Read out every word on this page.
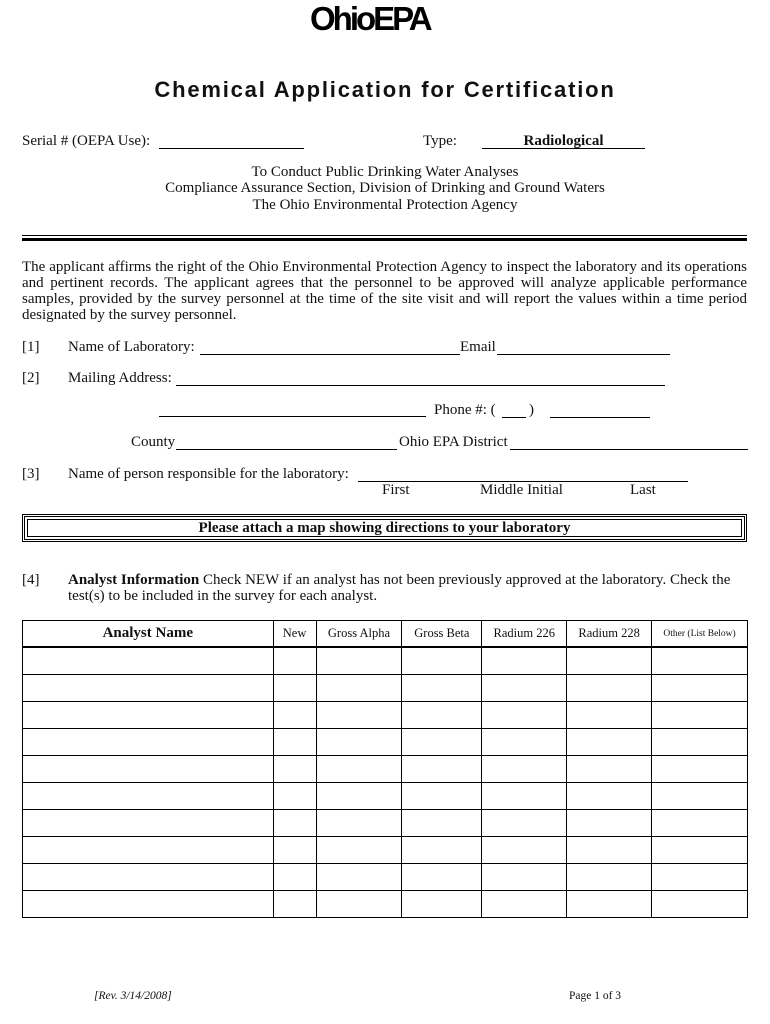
OhioEPA
Chemical Application for Certification
Serial # (OEPA Use):	Type:	Radiological
To Conduct Public Drinking Water Analyses
Compliance Assurance Section, Division of Drinking and Ground Waters
The Ohio Environmental Protection Agency
The applicant affirms the right of the Ohio Environmental Protection Agency to inspect the laboratory and its operations and pertinent records. The applicant agrees that the personnel to be approved will analyze applicable performance samples, provided by the survey personnel at the time of the site visit and will report the values within a time period designated by the survey personnel.
[1] Name of Laboratory:	Email
[2] Mailing Address:
Phone #: ( )
County	Ohio EPA District
[3] Name of person responsible for the laboratory:
First	Middle Initial	Last
Please attach a map showing directions to your laboratory
[4] Analyst Information Check NEW if an analyst has not been previously approved at the laboratory. Check the test(s) to be included in the survey for each analyst.
Analyst Name	New	Gross Alpha	Gross Beta	Radium 226	Radium 228	Other (List Below)

[Rev. 3/14/2008]	Page 1 of 3
